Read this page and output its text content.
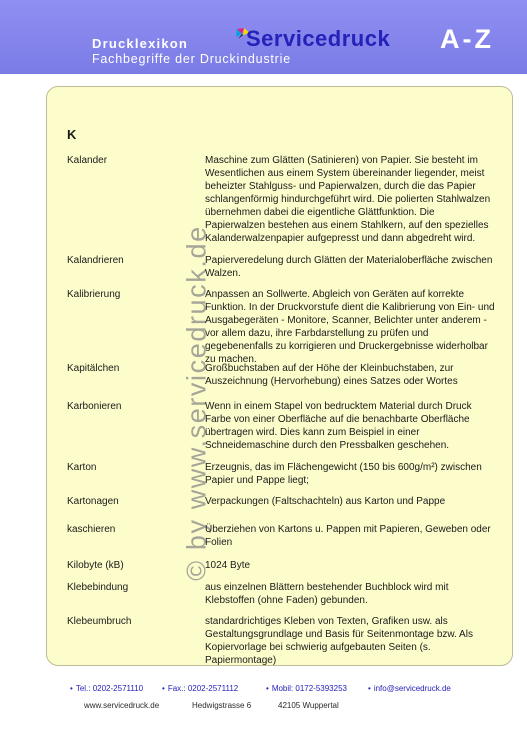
Drucklexikon
Fachbegriffe der Druckindustrie
Servicedruck A-Z
© by www.servicedruck.de
K
Kalander	Maschine zum Glätten (Satinieren) von Papier. Sie besteht im Wesentlichen aus einem System übereinander liegender, meist beheizter Stahlguss- und Papierwalzen, durch die das Papier schlangenförmig hindurchgeführt wird. Die polierten Stahlwalzen übernehmen dabei die eigentliche Glättfunktion. Die Papierwalzen bestehen aus einem Stahlkern, auf den spezielles Kalanderwalzenpapier aufgepresst und dann abgedreht wird.
Kalandrieren	Papierveredelung durch Glätten der Materialoberfläche zwischen Walzen.
Kalibrierung	Anpassen an Sollwerte. Abgleich von Geräten auf korrekte Funktion. In der Druckvorstufe dient die Kalibrierung von Ein- und Ausgabegeräten - Monitore, Scanner, Belichter unter anderem - vor allem dazu, ihre Farbdarstellung zu prüfen und gegebenenfalls zu korrigieren und Druckergebnisse widerholbar zu machen.
Kapitälchen	Großbuchstaben auf der Höhe der Kleinbuchstaben, zur Auszeichnung (Hervorhebung) eines Satzes oder Wortes
Karbonieren	Wenn in einem Stapel von bedrucktem Material durch Druck Farbe von einer Oberfläche auf die benachbarte Oberfläche übertragen wird. Dies kann zum Beispiel in einer Schneidemaschine durch den Pressbalken geschehen.
Karton	Erzeugnis, das im Flächengewicht (150 bis 600g/m²) zwischen Papier und Pappe liegt;
Kartonagen	Verpackungen (Faltschachteln) aus Karton und Pappe
kaschieren	Überziehen von Kartons u. Pappen mit Papieren, Geweben oder Folien
Kilobyte (kB)	1024 Byte
Klebebindung	aus einzelnen Blättern bestehender Buchblock wird mit Klebstoffen (ohne Faden) gebunden.
Klebeumbruch	standardrichtiges Kleben von Texten, Grafiken usw. als Gestaltungsgrundlage und Basis für Seitenmontage bzw. Als Kopiervorlage bei schwierig aufgebauten Seiten (s. Papiermontage)
• Tel.: 0202-2571110 • Fax.: 0202-2571112	• Mobil: 0172-5393253	• info@servicedruck.de
www.servicedruck.de	Hedwigstrasse 6	42105 Wuppertal
